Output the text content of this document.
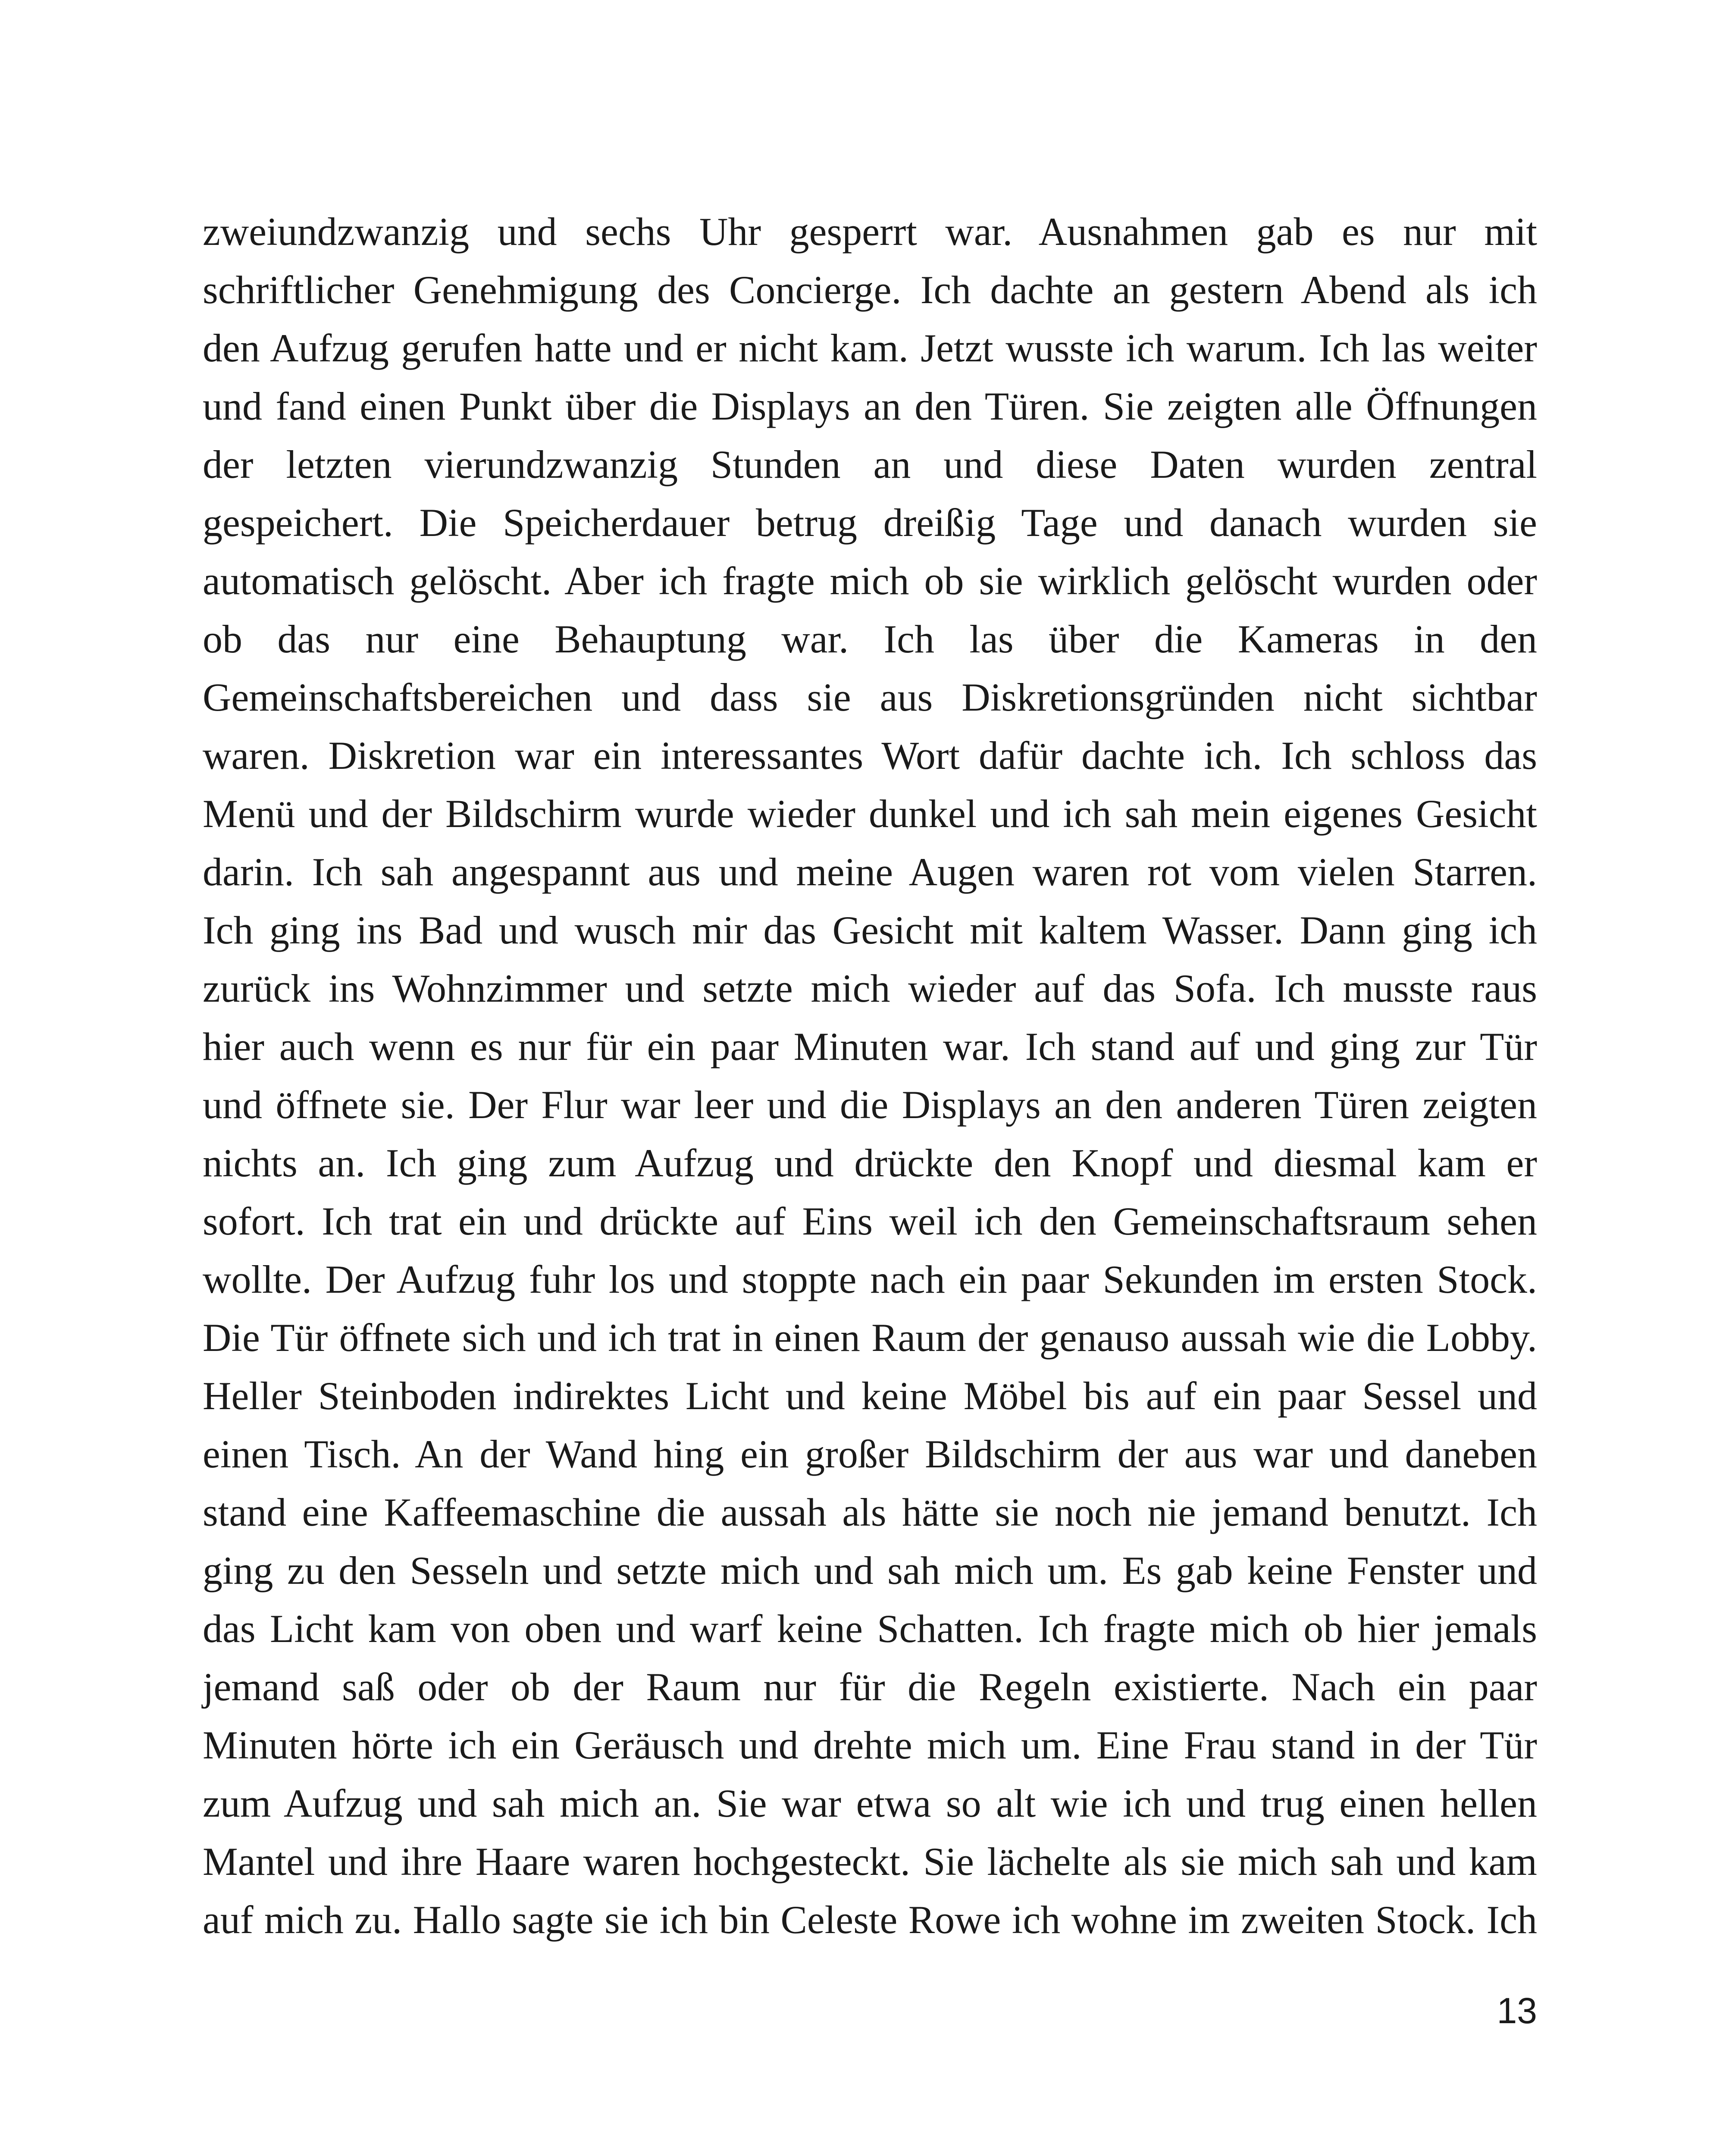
zweiundzwanzig und sechs Uhr gesperrt war. Ausnahmen gab es nur mit
schriftlicher Genehmigung des Concierge. Ich dachte an gestern Abend als ich
den Aufzug gerufen hatte und er nicht kam. Jetzt wusste ich warum. Ich las weiter
und fand einen Punkt über die Displays an den Türen. Sie zeigten alle Öffnungen
der letzten vierundzwanzig Stunden an und diese Daten wurden zentral
gespeichert. Die Speicherdauer betrug dreißig Tage und danach wurden sie
automatisch gelöscht. Aber ich fragte mich ob sie wirklich gelöscht wurden oder
ob das nur eine Behauptung war. Ich las über die Kameras in den
Gemeinschaftsbereichen und dass sie aus Diskretionsgründen nicht sichtbar
waren. Diskretion war ein interessantes Wort dafür dachte ich. Ich schloss das
Menü und der Bildschirm wurde wieder dunkel und ich sah mein eigenes Gesicht
darin. Ich sah angespannt aus und meine Augen waren rot vom vielen Starren.
Ich ging ins Bad und wusch mir das Gesicht mit kaltem Wasser. Dann ging ich
zurück ins Wohnzimmer und setzte mich wieder auf das Sofa. Ich musste raus
hier auch wenn es nur für ein paar Minuten war. Ich stand auf und ging zur Tür
und öffnete sie. Der Flur war leer und die Displays an den anderen Türen zeigten
nichts an. Ich ging zum Aufzug und drückte den Knopf und diesmal kam er
sofort. Ich trat ein und drückte auf Eins weil ich den Gemeinschaftsraum sehen
wollte. Der Aufzug fuhr los und stoppte nach ein paar Sekunden im ersten Stock.
Die Tür öffnete sich und ich trat in einen Raum der genauso aussah wie die Lobby.
Heller Steinboden indirektes Licht und keine Möbel bis auf ein paar Sessel und
einen Tisch. An der Wand hing ein großer Bildschirm der aus war und daneben
stand eine Kaffeemaschine die aussah als hätte sie noch nie jemand benutzt. Ich
ging zu den Sesseln und setzte mich und sah mich um. Es gab keine Fenster und
das Licht kam von oben und warf keine Schatten. Ich fragte mich ob hier jemals
jemand saß oder ob der Raum nur für die Regeln existierte. Nach ein paar
Minuten hörte ich ein Geräusch und drehte mich um. Eine Frau stand in der Tür
zum Aufzug und sah mich an. Sie war etwa so alt wie ich und trug einen hellen
Mantel und ihre Haare waren hochgesteckt. Sie lächelte als sie mich sah und kam
auf mich zu. Hallo sagte sie ich bin Celeste Rowe ich wohne im zweiten Stock. Ich
13
